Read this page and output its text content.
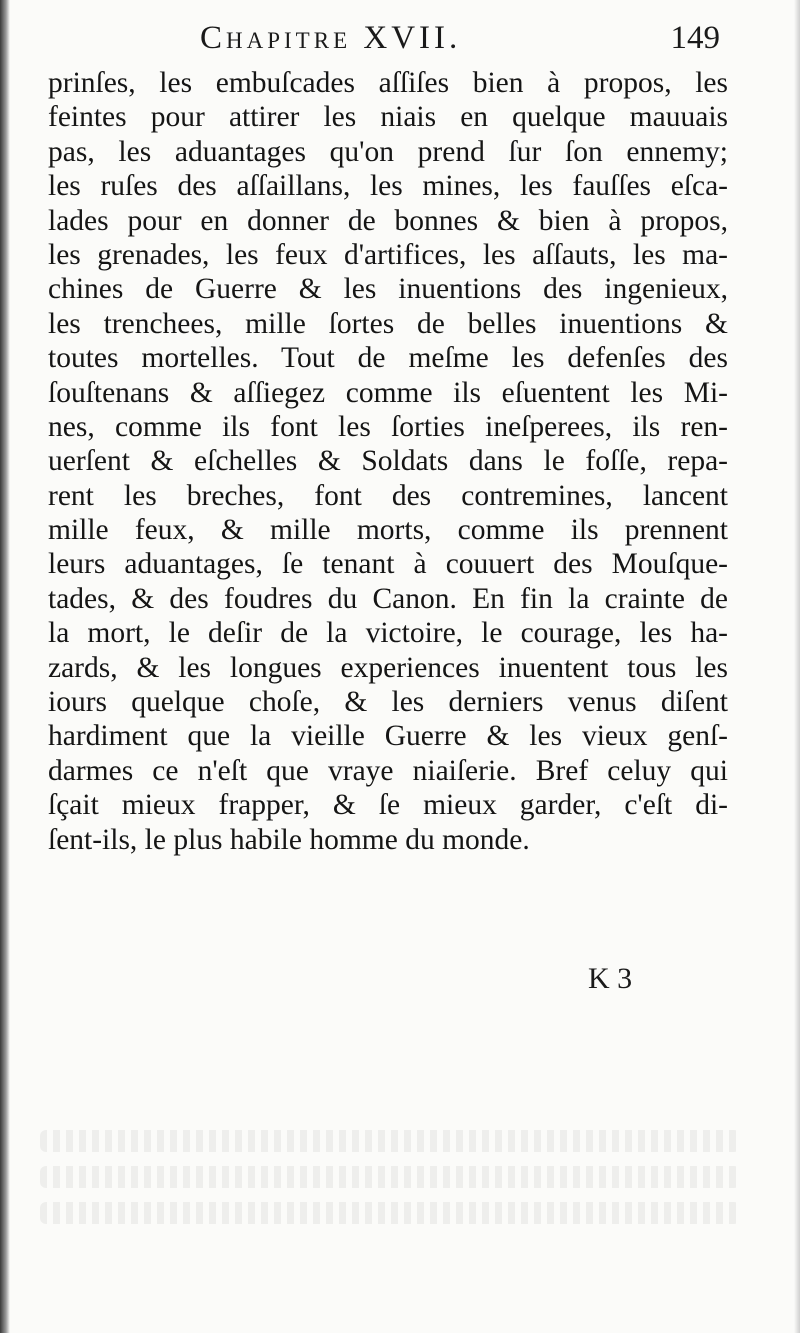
Chapitre XVII.	149
prinſes, les embuſcades aſſiſes bien à propos, les
feintes pour attirer les niais en quelque mauuais
pas, les aduantages qu'on prend ſur ſon ennemy;
les ruſes des aſſaillans, les mines, les fauſſes eſca-
lades pour en donner de bonnes & bien à propos,
les grenades, les feux d'artifices, les aſſauts, les ma-
chines de Guerre & les inuentions des ingenieux,
les trenchees, mille ſortes de belles inuentions &
toutes mortelles. Tout de meſme les defenſes des
ſouſtenans & aſſiegez comme ils eſuentent les Mi-
nes, comme ils font les ſorties ineſperees, ils ren-
uerſent & eſchelles & Soldats dans le foſſe, repa-
rent les breches, font des contremines, lancent
mille feux, & mille morts, comme ils prennent
leurs aduantages, ſe tenant à couuert des Mouſque-
tades, & des foudres du Canon. En fin la crainte de
la mort, le deſir de la victoire, le courage, les ha-
zards, & les longues experiences inuentent tous les
iours quelque choſe, & les derniers venus diſent
hardiment que la vieille Guerre & les vieux genſ-
darmes ce n'eſt que vraye niaiſerie. Bref celuy qui
ſçait mieux frapper, & ſe mieux garder, c'eſt di-
ſent-ils, le plus habile homme du monde.
K 3
